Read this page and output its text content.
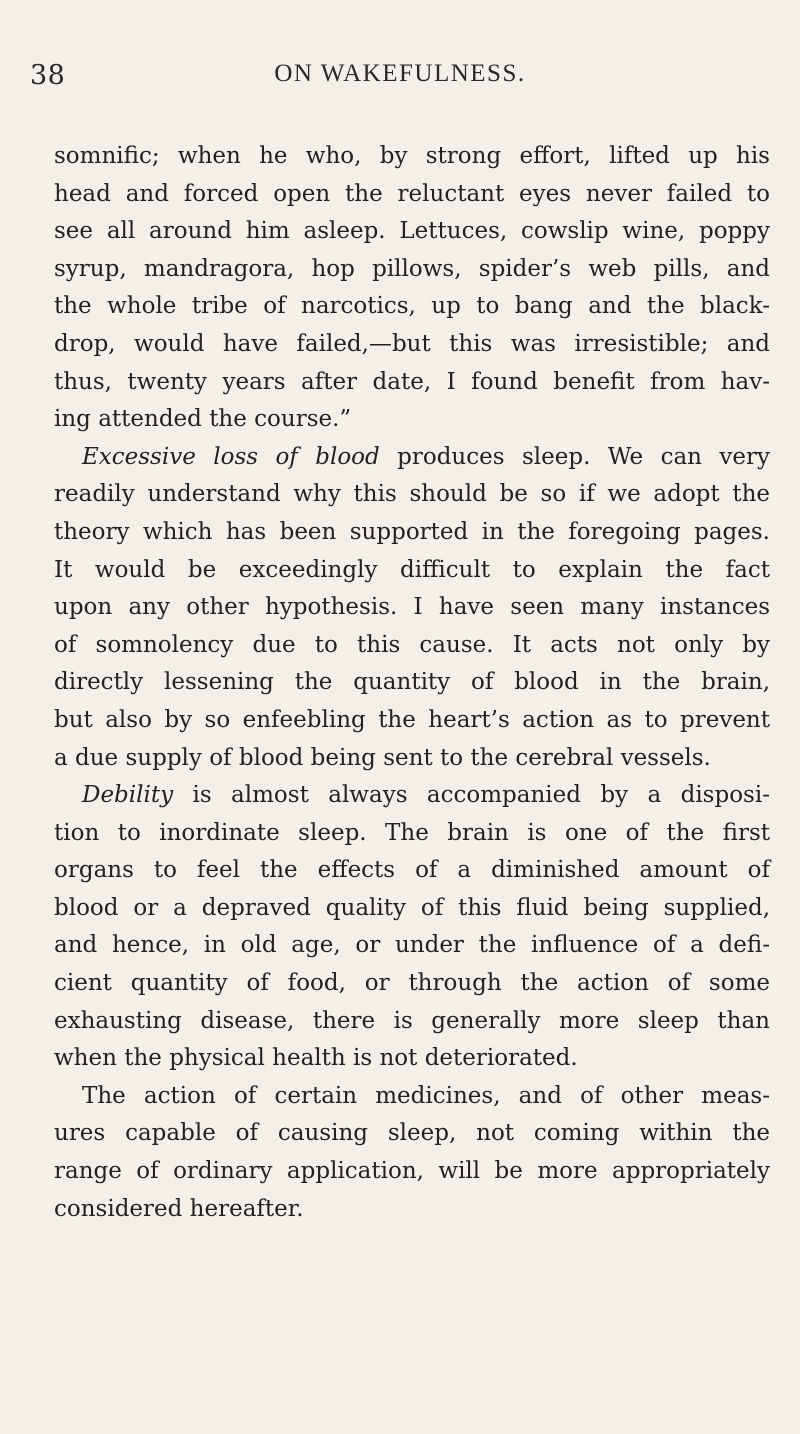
38	ON WAKEFULNESS.

somnific; when he who, by strong effort, lifted up his
head and forced open the reluctant eyes never failed to
see all around him asleep. Lettuces, cowslip wine, poppy
syrup, mandragora, hop pillows, spider’s web pills, and
the whole tribe of narcotics, up to bang and the black-
drop, would have failed,—but this was irresistible; and
thus, twenty years after date, I found benefit from hav-
ing attended the course.”

Excessive loss of blood produces sleep. We can very
readily understand why this should be so if we adopt the
theory which has been supported in the foregoing pages.
It would be exceedingly difficult to explain the fact
upon any other hypothesis. I have seen many instances
of somnolency due to this cause. It acts not only by
directly lessening the quantity of blood in the brain,
but also by so enfeebling the heart’s action as to prevent
a due supply of blood being sent to the cerebral vessels.

Debility is almost always accompanied by a disposi-
tion to inordinate sleep. The brain is one of the first
organs to feel the effects of a diminished amount of
blood or a depraved quality of this fluid being supplied,
and hence, in old age, or under the influence of a defi-
cient quantity of food, or through the action of some
exhausting disease, there is generally more sleep than
when the physical health is not deteriorated.

The action of certain medicines, and of other meas-
ures capable of causing sleep, not coming within the
range of ordinary application, will be more appropriately
considered hereafter.
